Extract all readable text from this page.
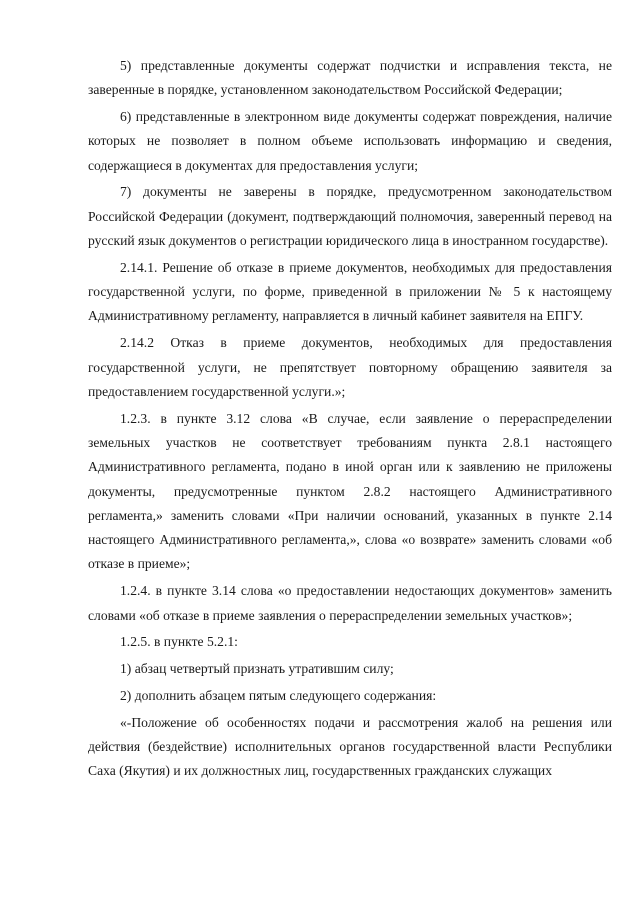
5) представленные документы содержат подчистки и исправления текста, не заверенные в порядке, установленном законодательством Российской Федерации;

6) представленные в электронном виде документы содержат повреждения, наличие которых не позволяет в полном объеме использовать информацию и сведения, содержащиеся в документах для предоставления услуги;

7) документы не заверены в порядке, предусмотренном законодательством Российской Федерации (документ, подтверждающий полномочия, заверенный перевод на русский язык документов о регистрации юридического лица в иностранном государстве).

2.14.1. Решение об отказе в приеме документов, необходимых для предоставления государственной услуги, по форме, приведенной в приложении № 5 к настоящему Административному регламенту, направляется в личный кабинет заявителя на ЕПГУ.

2.14.2 Отказ в приеме документов, необходимых для предоставления государственной услуги, не препятствует повторному обращению заявителя за предоставлением государственной услуги.»;

1.2.3. в пункте 3.12 слова «В случае, если заявление о перераспределении земельных участков не соответствует требованиям пункта 2.8.1 настоящего Административного регламента, подано в иной орган или к заявлению не приложены документы, предусмотренные пунктом 2.8.2 настоящего Административного регламента,» заменить словами «При наличии оснований, указанных в пункте 2.14 настоящего Административного регламента,», слова «о возврате» заменить словами «об отказе в приеме»;

1.2.4. в пункте 3.14 слова «о предоставлении недостающих документов» заменить словами «об отказе в приеме заявления о перераспределении земельных участков»;

1.2.5. в пункте 5.2.1:

1) абзац четвертый признать утратившим силу;

2) дополнить абзацем пятым следующего содержания:

«-Положение об особенностях подачи и рассмотрения жалоб на решения или действия (бездействие) исполнительных органов государственной власти Республики Саха (Якутия) и их должностных лиц, государственных гражданских служащих
